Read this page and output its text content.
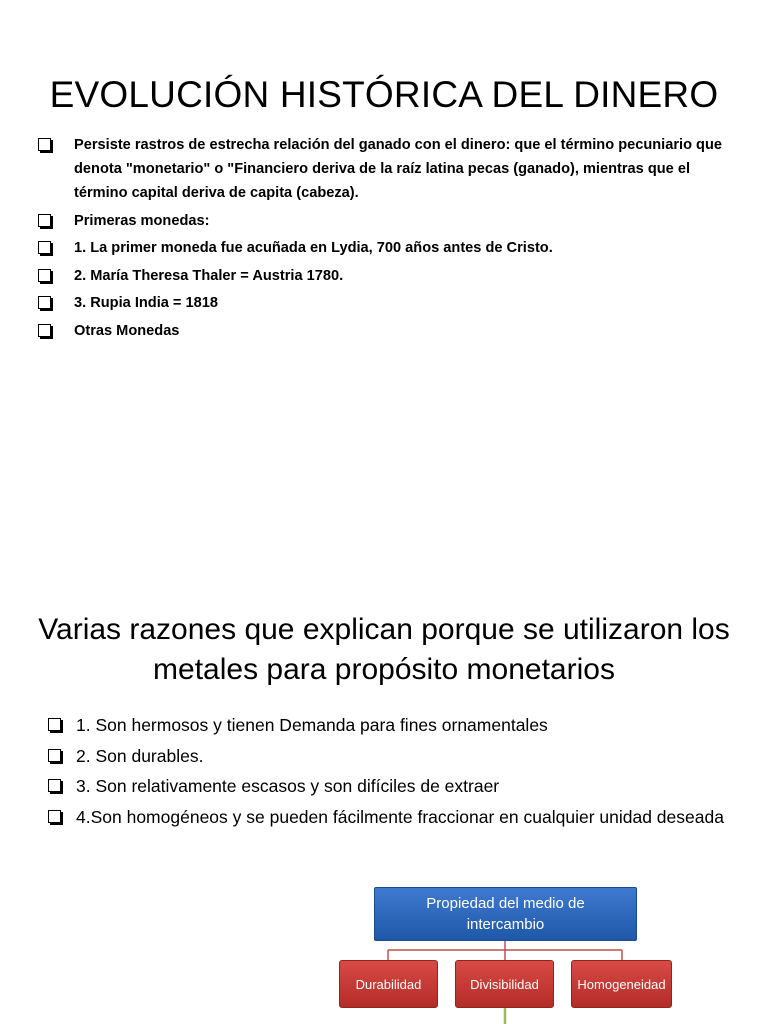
EVOLUCIÓN HISTÓRICA DEL DINERO
Persiste rastros de estrecha relación del ganado con el dinero: que el término pecuniario que denota "monetario" o "Financiero deriva de la raíz latina pecas (ganado), mientras que el término capital deriva de capita (cabeza).
Primeras monedas:
1. La primer moneda fue acuñada en Lydia, 700 años antes de Cristo.
2. María Theresa Thaler = Austria 1780.
3. Rupia India = 1818
Otras Monedas
Varias razones que explican porque se utilizaron los metales para propósito monetarios
1. Son hermosos y tienen Demanda para fines ornamentales
2. Son durables.
3. Son relativamente escasos y son difíciles de extraer
4.Son homogéneos y se pueden fácilmente fraccionar en cualquier unidad deseada
Propiedad del medio de intercambio
Durabilidad	Divisibilidad	Homogeneidad
